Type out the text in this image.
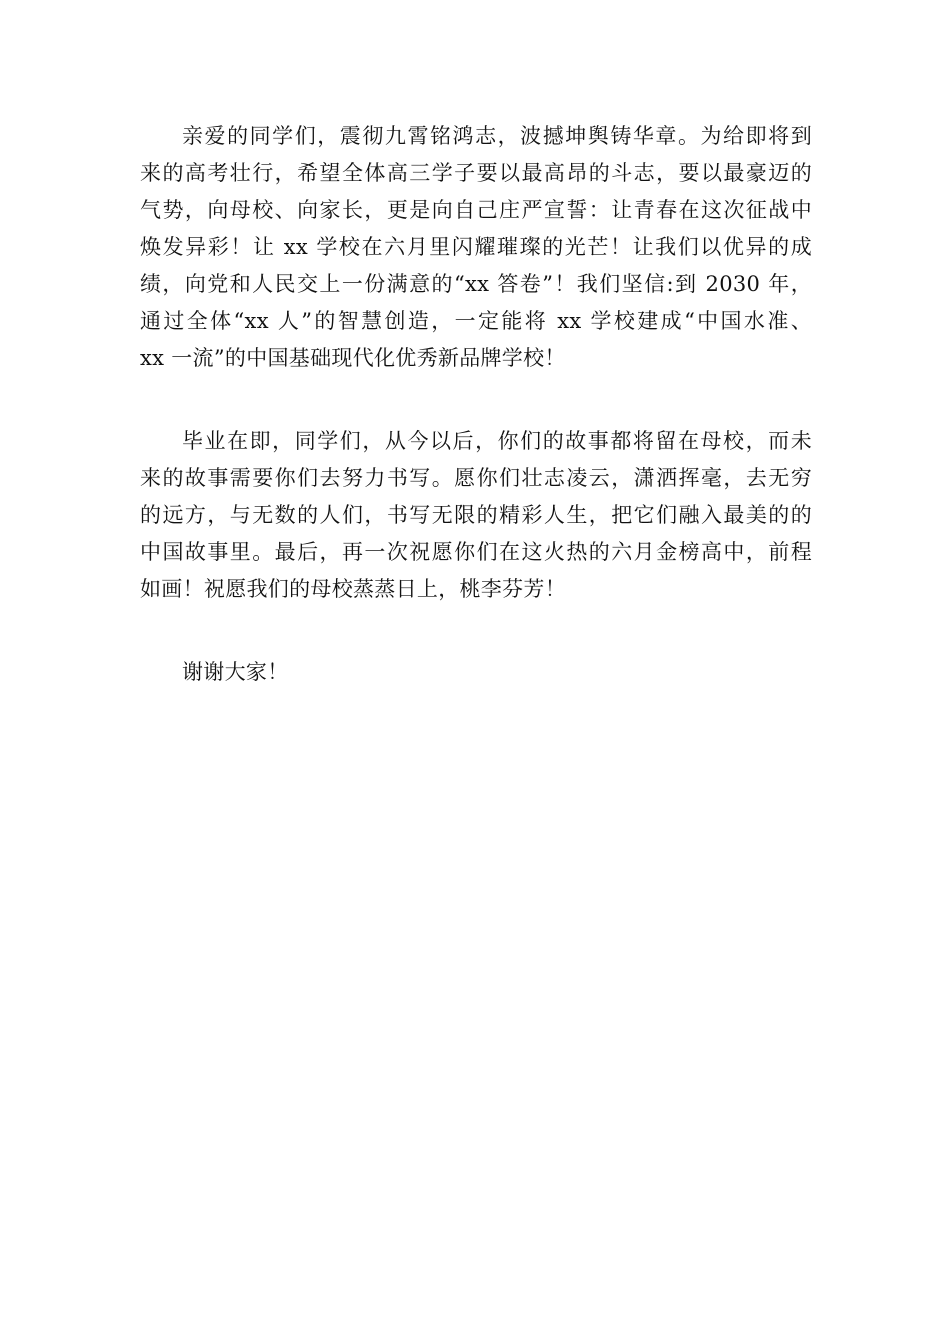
亲爱的同学们，震彻九霄铭鸿志，波撼坤舆铸华章。为给即将到
来的高考壮行，希望全体高三学子要以最高昂的斗志，要以最豪迈的
气势，向母校、向家长，更是向自己庄严宣誓：让青春在这次征战中
焕发异彩！让 xx 学校在六月里闪耀璀璨的光芒！让我们以优异的成
绩，向党和人民交上一份满意的“xx 答卷”！我们坚信:到 2030 年，
通过全体“xx 人”的智慧创造，一定能将 xx 学校建成“中国水准、
xx 一流”的中国基础现代化优秀新品牌学校！

毕业在即，同学们，从今以后，你们的故事都将留在母校，而未
来的故事需要你们去努力书写。愿你们壮志凌云，潇洒挥毫，去无穷
的远方，与无数的人们，书写无限的精彩人生，把它们融入最美的的
中国故事里。最后，再一次祝愿你们在这火热的六月金榜高中，前程
如画！祝愿我们的母校蒸蒸日上，桃李芬芳！

谢谢大家！
